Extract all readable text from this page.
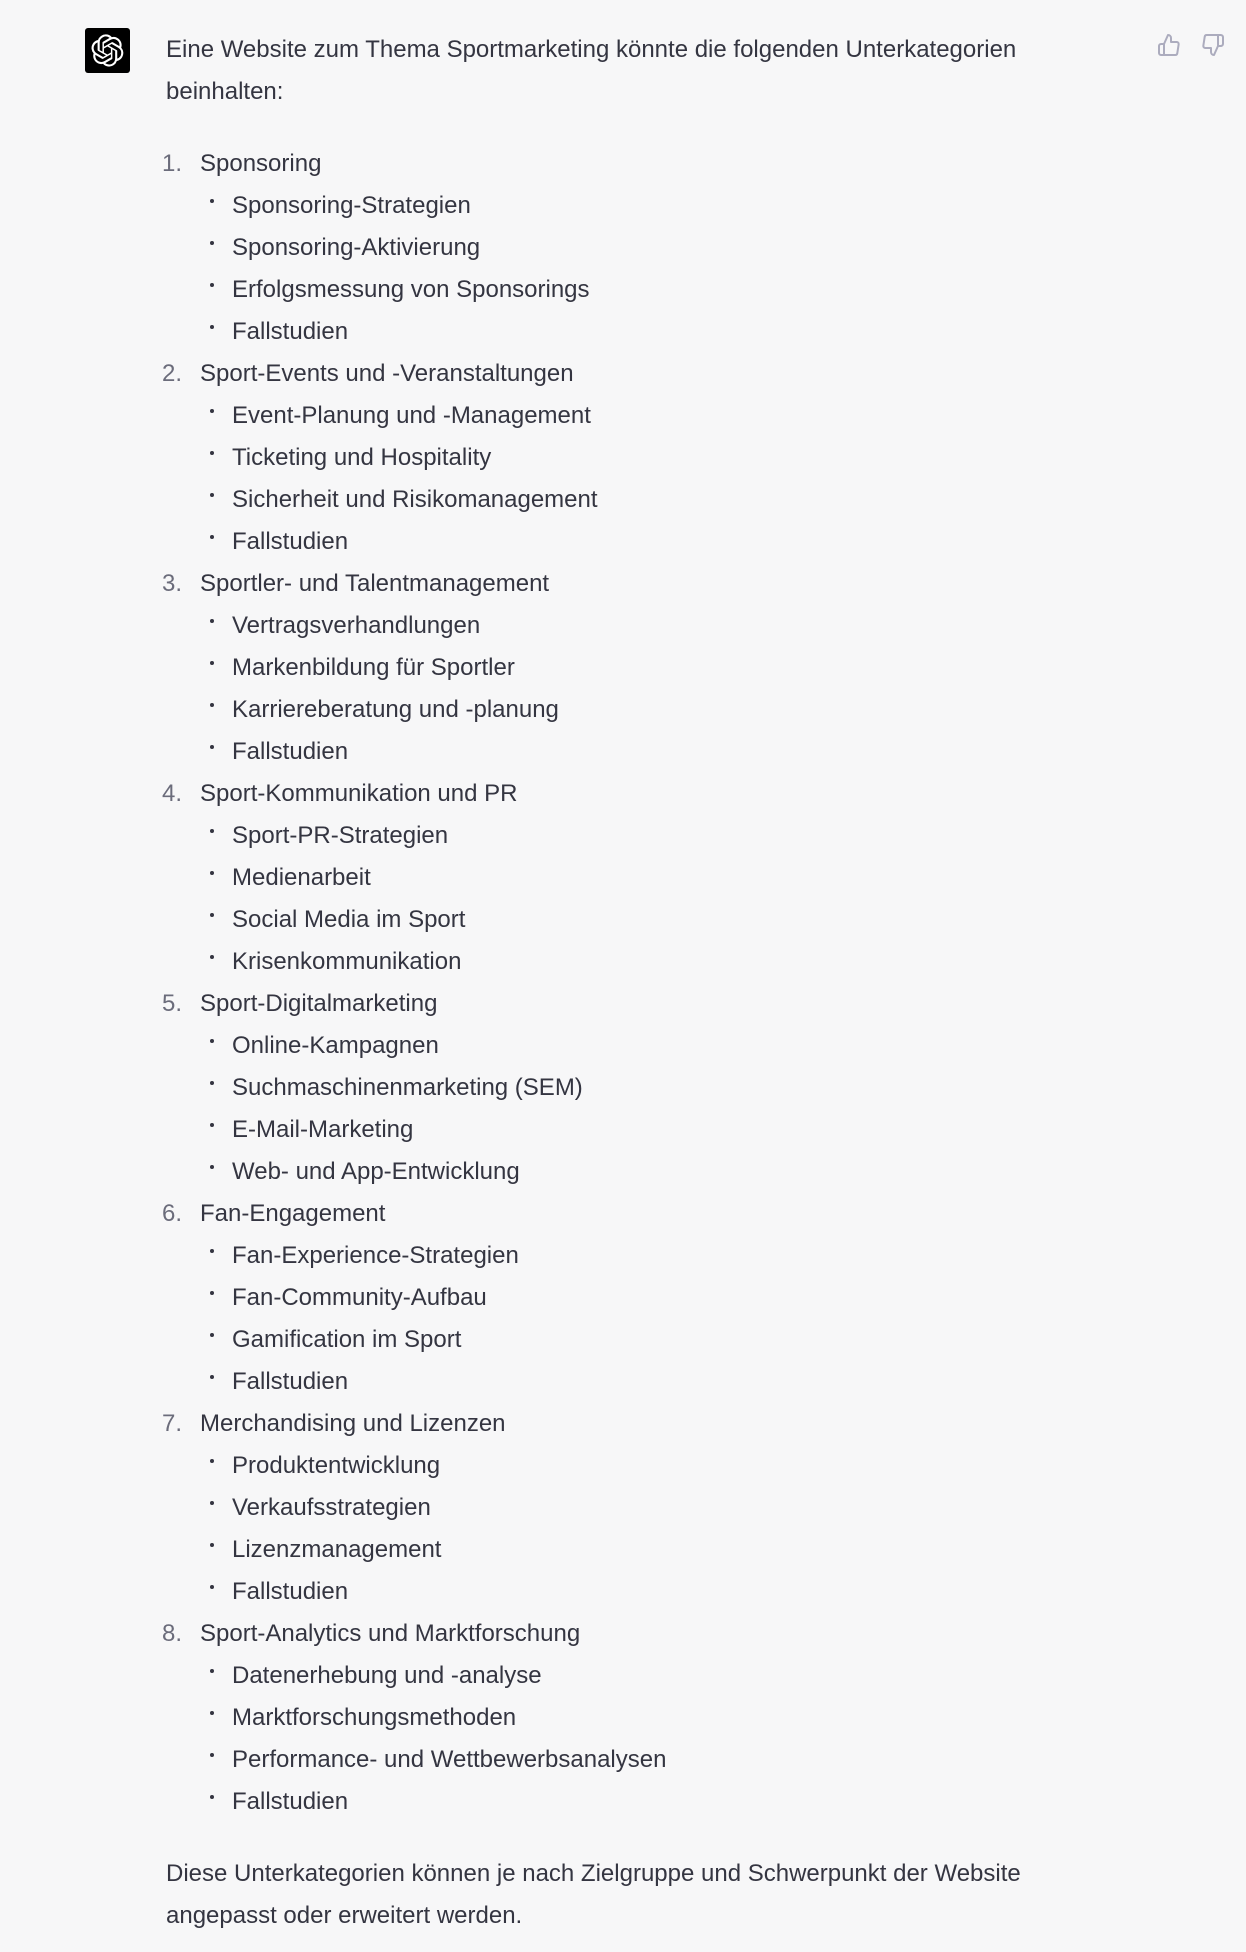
Eine Website zum Thema Sportmarketing könnte die folgenden Unterkategorien beinhalten:

1. Sponsoring
Sponsoring-Strategien
Sponsoring-Aktivierung
Erfolgsmessung von Sponsorings
Fallstudien
2. Sport-Events und -Veranstaltungen
Event-Planung und -Management
Ticketing und Hospitality
Sicherheit und Risikomanagement
Fallstudien
3. Sportler- und Talentmanagement
Vertragsverhandlungen
Markenbildung für Sportler
Karriereberatung und -planung
Fallstudien
4. Sport-Kommunikation und PR
Sport-PR-Strategien
Medienarbeit
Social Media im Sport
Krisenkommunikation
5. Sport-Digitalmarketing
Online-Kampagnen
Suchmaschinenmarketing (SEM)
E-Mail-Marketing
Web- und App-Entwicklung
6. Fan-Engagement
Fan-Experience-Strategien
Fan-Community-Aufbau
Gamification im Sport
Fallstudien
7. Merchandising und Lizenzen
Produktentwicklung
Verkaufsstrategien
Lizenzmanagement
Fallstudien
8. Sport-Analytics und Marktforschung
Datenerhebung und -analyse
Marktforschungsmethoden
Performance- und Wettbewerbsanalysen
Fallstudien

Diese Unterkategorien können je nach Zielgruppe und Schwerpunkt der Website angepasst oder erweitert werden.
